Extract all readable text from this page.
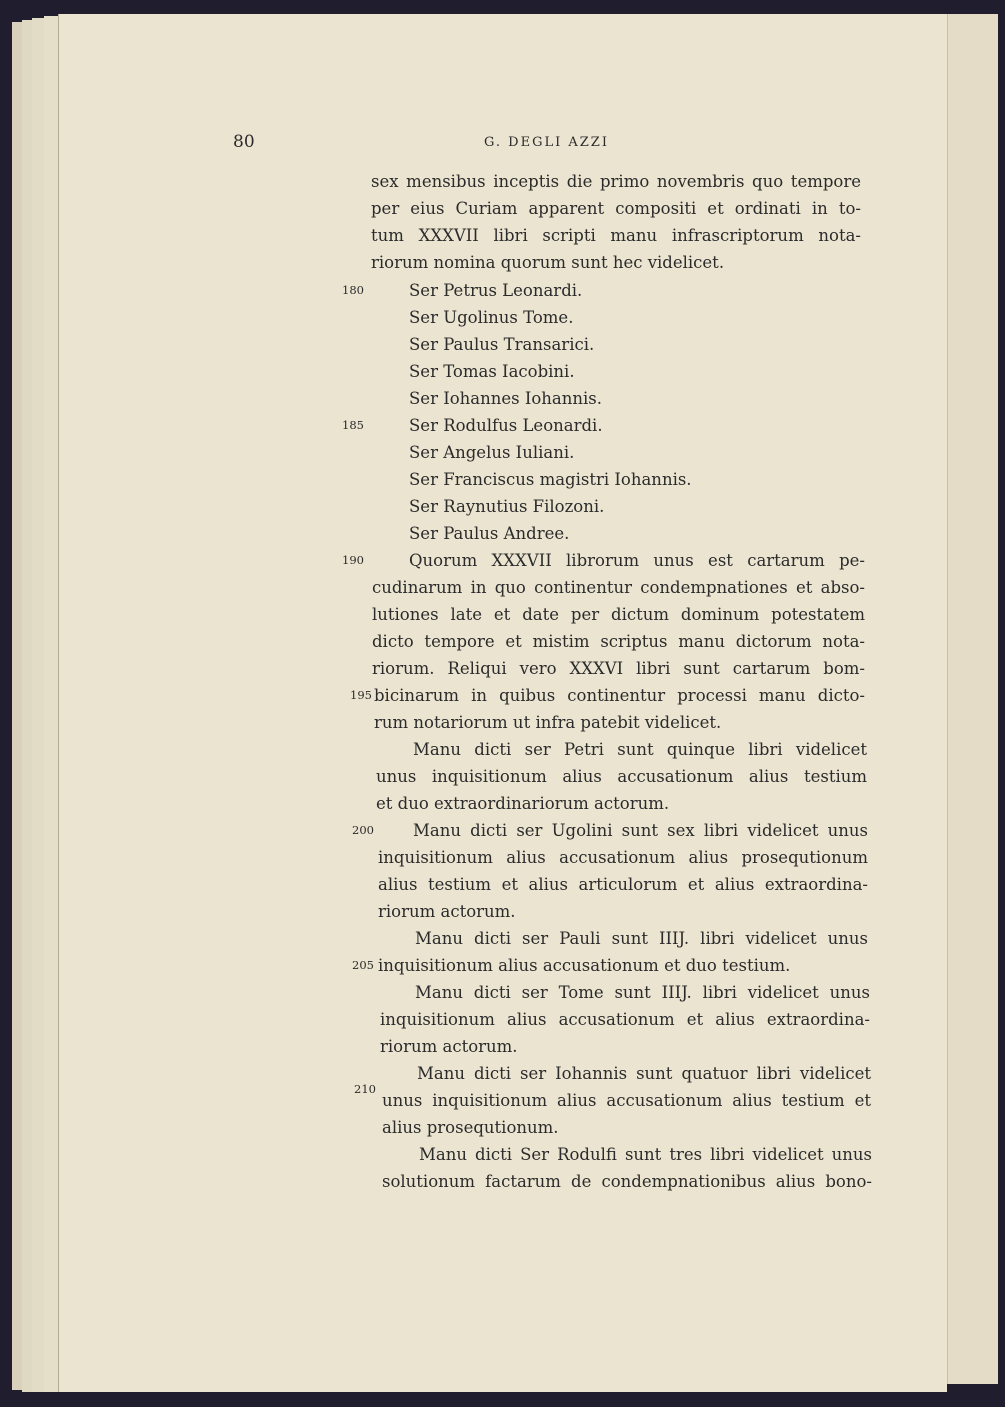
80	G. DEGLI AZZI
180
185
190
195
200
205
210
sex mensibus inceptis die primo novembris quo tempore
per eius Curiam apparent compositi et ordinati in to-
tum XXXVII libri scripti manu infrascriptorum nota-
riorum nomina quorum sunt hec videlicet.
Ser Petrus Leonardi.
Ser Ugolinus Tome.
Ser Paulus Transarici.
Ser Tomas Iacobini.
Ser Iohannes Iohannis.
Ser Rodulfus Leonardi.
Ser Angelus Iuliani.
Ser Franciscus magistri Iohannis.
Ser Raynutius Filozoni.
Ser Paulus Andree.
Quorum XXXVII librorum unus est cartarum pe-
cudinarum in quo continentur condempnationes et abso-
lutiones late et date per dictum dominum potestatem
dicto tempore et mistim scriptus manu dictorum nota-
riorum. Reliqui vero XXXVI libri sunt cartarum bom-
bicinarum in quibus continentur processi manu dicto-
rum notariorum ut infra patebit videlicet.
Manu dicti ser Petri sunt quinque libri videlicet
unus inquisitionum alius accusationum alius testium
et duo extraordinariorum actorum.
Manu dicti ser Ugolini sunt sex libri videlicet unus
inquisitionum alius accusationum alius prosequtionum
alius testium et alius articulorum et alius extraordina-
riorum actorum.
Manu dicti ser Pauli sunt IIIJ. libri videlicet unus
inquisitionum alius accusationum et duo testium.
Manu dicti ser Tome sunt IIIJ. libri videlicet unus
inquisitionum alius accusationum et alius extraordina-
riorum actorum.
Manu dicti ser Iohannis sunt quatuor libri videlicet
unus inquisitionum alius accusationum alius testium et
alius prosequtionum.
Manu dicti Ser Rodulfi sunt tres libri videlicet unus
solutionum factarum de condempnationibus alius bono-
